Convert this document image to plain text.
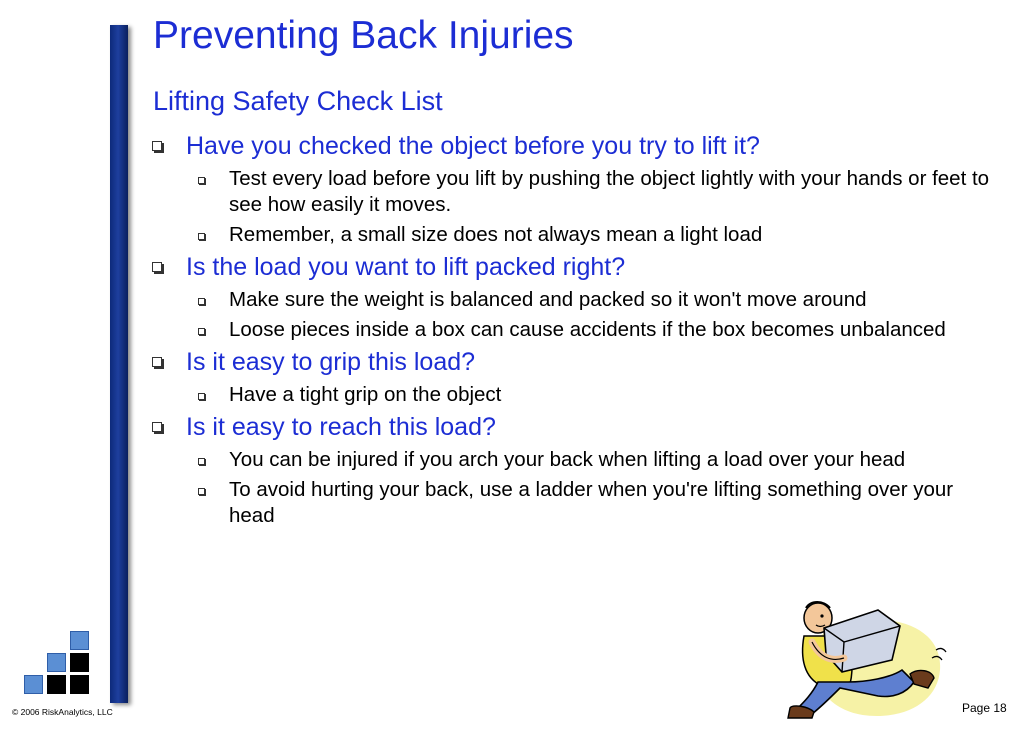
Preventing Back Injuries
Lifting Safety Check List
Have you checked the object before you try to lift it?
Test every load before you lift by pushing the object lightly with your hands or feet to see how easily it moves.
Remember, a small size does not always mean a light load
Is the load you want to lift packed right?
Make sure the weight is balanced and packed so it won't move around
Loose pieces inside a box can cause accidents if the box becomes unbalanced
Is it easy to grip this load?
Have a tight grip on the object
Is it easy to reach this load?
You can be injured if you arch your back when lifting a load over your head
To avoid hurting your back, use a ladder when you're lifting something over your head
© 2006 RiskAnalytics, LLC	Page 18
